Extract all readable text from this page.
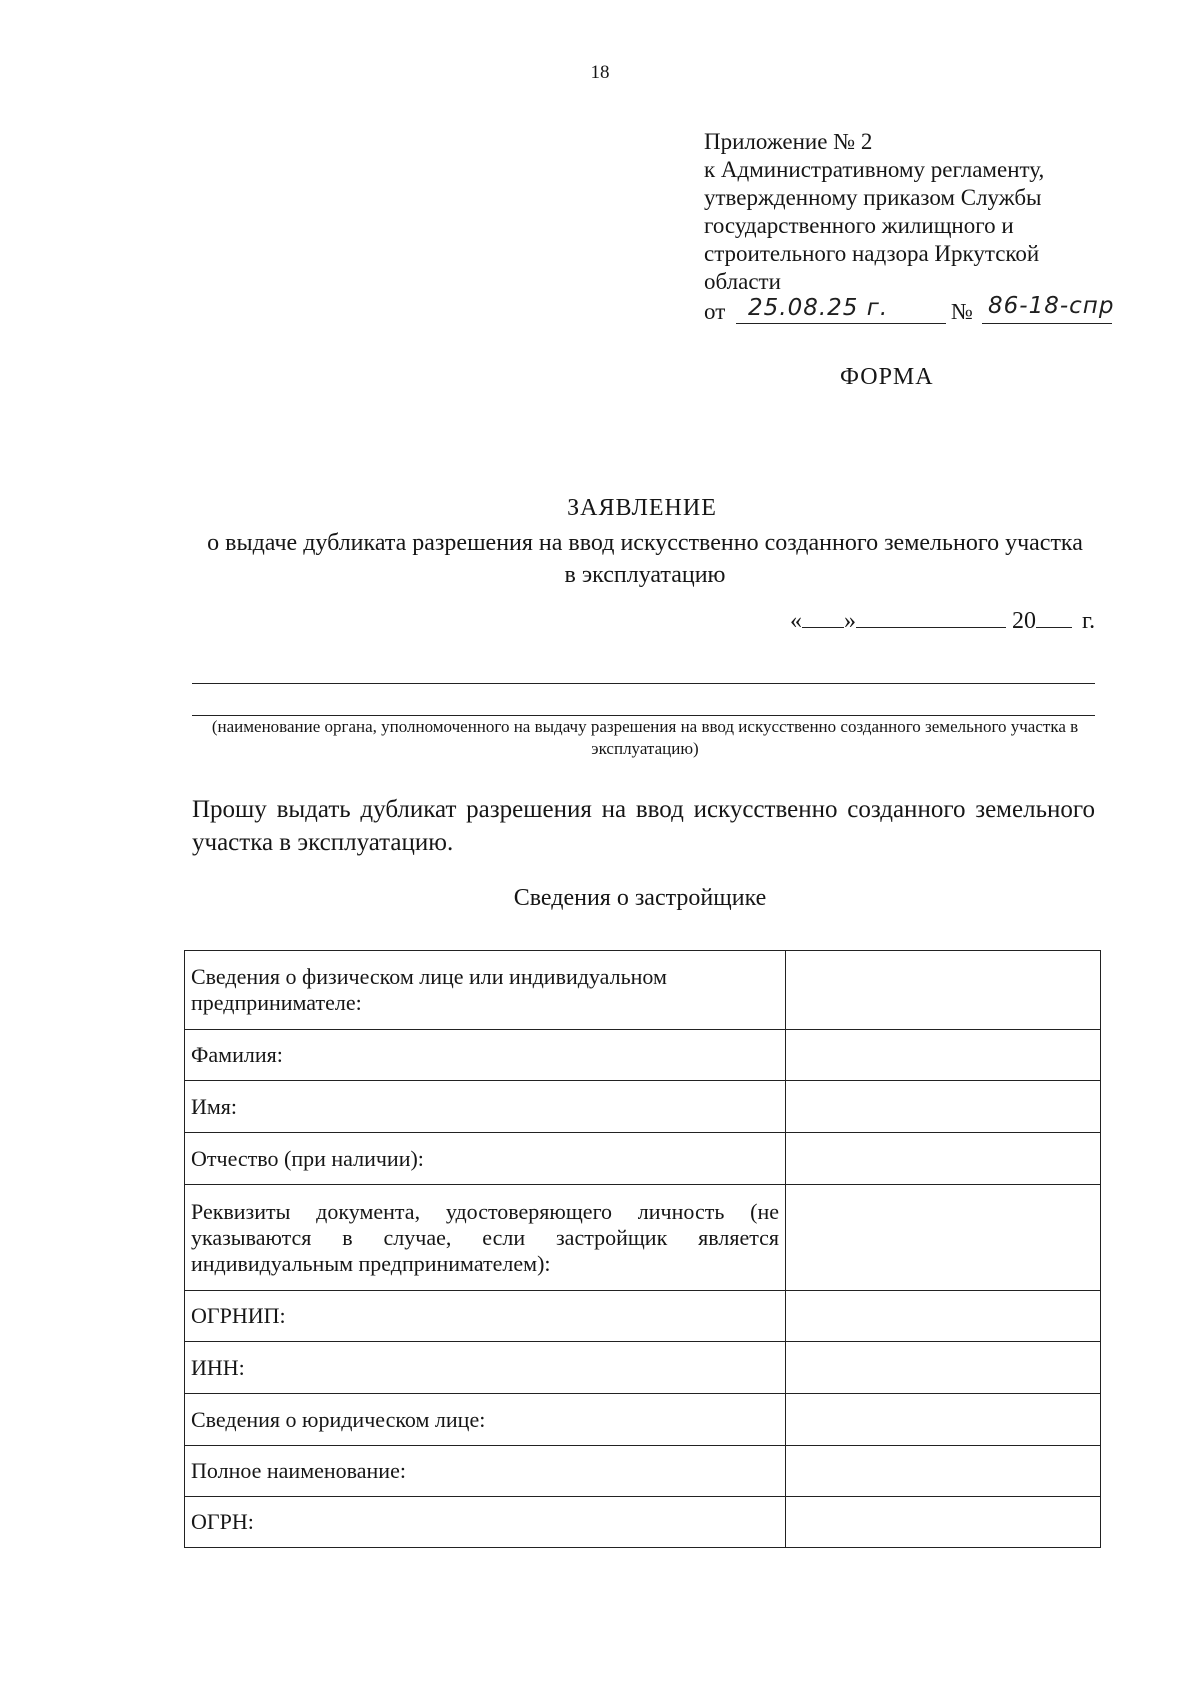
18
Приложение № 2
к Административному регламенту,
утвержденному приказом Службы
государственного жилищного и
строительного надзора Иркутской
области
от 25.08.25 г.	№ 86-18-спр
ФОРМА
ЗАЯВЛЕНИЕ
о выдаче дубликата разрешения на ввод искусственно созданного земельного участка в эксплуатацию
« »	20 г.
(наименование органа, уполномоченного на выдачу разрешения на ввод искусственно созданного земельного участка в эксплуатацию)
Прошу выдать дубликат разрешения на ввод искусственно созданного земельного участка в эксплуатацию.
Сведения о застройщике
Сведения о физическом лице или индивидуальном предпринимателе:	
Фамилия:	
Имя:	
Отчество (при наличии):	
Реквизиты документа, удостоверяющего личность (не указываются в случае, если застройщик является индивидуальным предпринимателем):	
ОГРНИП:	
ИНН:	
Сведения о юридическом лице:	
Полное наименование:	
ОГРН:	
